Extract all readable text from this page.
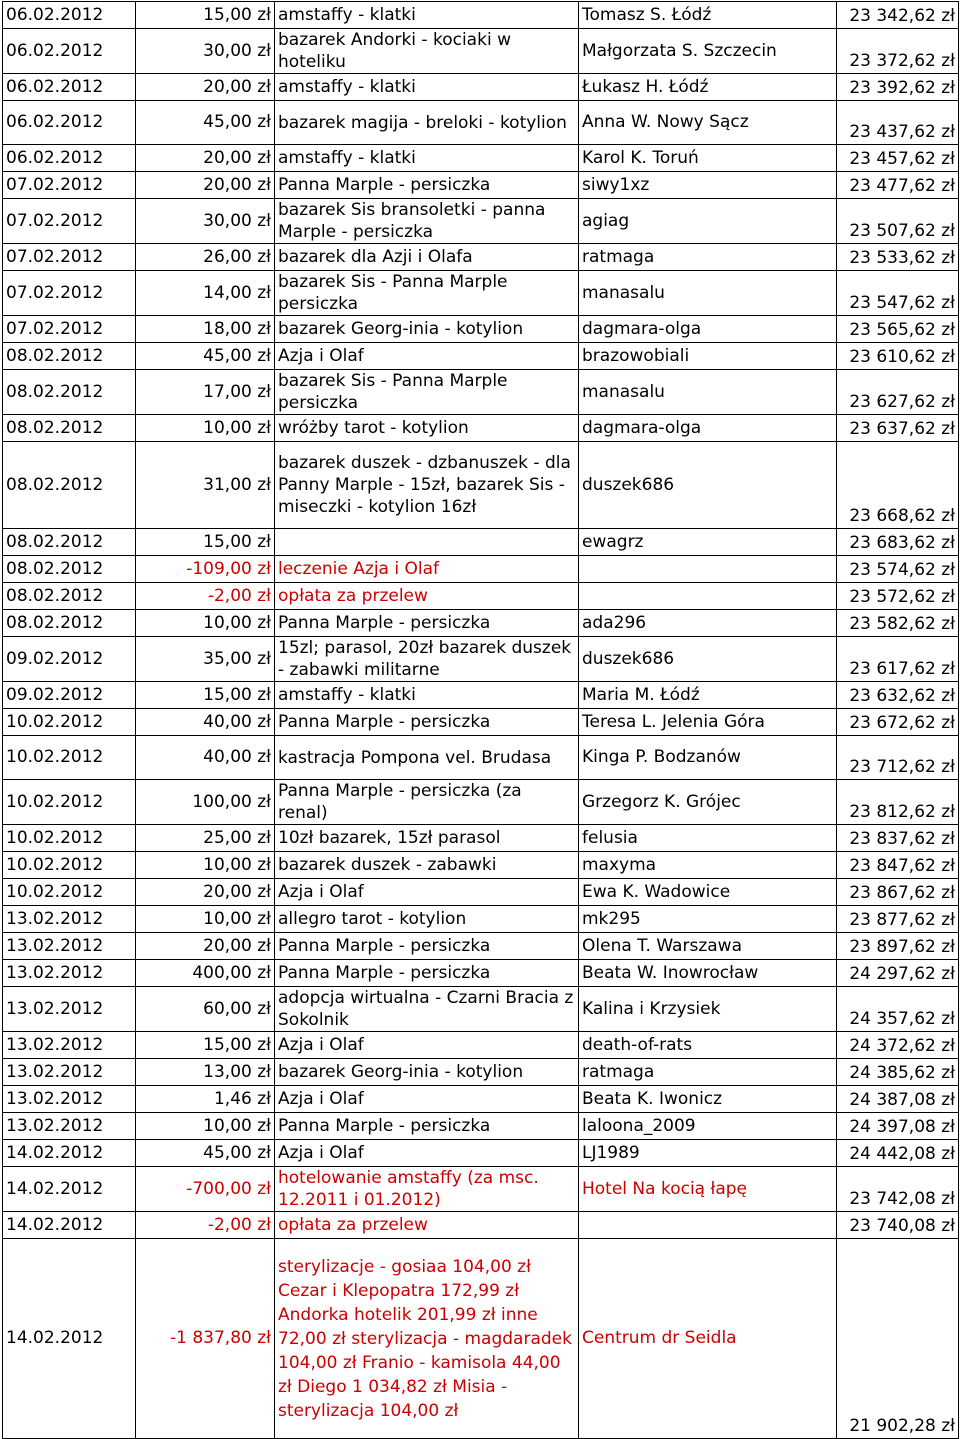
06.02.2012	15,00 zł	amstaffy - klatki	Tomasz S. Łódź	23 342,62 zł
06.02.2012	30,00 zł	bazarek Andorki - kociaki w hoteliku	Małgorzata S. Szczecin	23 372,62 zł
06.02.2012	20,00 zł	amstaffy - klatki	Łukasz H. Łódź	23 392,62 zł
06.02.2012	45,00 zł	bazarek magija - breloki - kotylion	Anna W. Nowy Sącz	23 437,62 zł
06.02.2012	20,00 zł	amstaffy - klatki	Karol K. Toruń	23 457,62 zł
07.02.2012	20,00 zł	Panna Marple - persiczka	siwy1xz	23 477,62 zł
07.02.2012	30,00 zł	bazarek Sis bransoletki - panna Marple - persiczka	agiag	23 507,62 zł
07.02.2012	26,00 zł	bazarek dla Azji i Olafa	ratmaga	23 533,62 zł
07.02.2012	14,00 zł	bazarek Sis - Panna Marple persiczka	manasalu	23 547,62 zł
07.02.2012	18,00 zł	bazarek Georg-inia - kotylion	dagmara-olga	23 565,62 zł
08.02.2012	45,00 zł	Azja i Olaf	brazowobiali	23 610,62 zł
08.02.2012	17,00 zł	bazarek Sis - Panna Marple persiczka	manasalu	23 627,62 zł
08.02.2012	10,00 zł	wróżby tarot - kotylion	dagmara-olga	23 637,62 zł
08.02.2012	31,00 zł	bazarek duszek - dzbanuszek - dla Panny Marple - 15zł, bazarek Sis - miseczki - kotylion 16zł	duszek686	23 668,62 zł
08.02.2012	15,00 zł		ewagrz	23 683,62 zł
08.02.2012	-109,00 zł	leczenie Azja i Olaf		23 574,62 zł
08.02.2012	-2,00 zł	opłata za przelew		23 572,62 zł
08.02.2012	10,00 zł	Panna Marple - persiczka	ada296	23 582,62 zł
09.02.2012	35,00 zł	15zl; parasol, 20zł bazarek duszek - zabawki militarne	duszek686	23 617,62 zł
09.02.2012	15,00 zł	amstaffy - klatki	Maria M. Łódź	23 632,62 zł
10.02.2012	40,00 zł	Panna Marple - persiczka	Teresa L. Jelenia Góra	23 672,62 zł
10.02.2012	40,00 zł	kastracja Pompona vel. Brudasa	Kinga P. Bodzanów	23 712,62 zł
10.02.2012	100,00 zł	Panna Marple - persiczka (za renal)	Grzegorz K. Grójec	23 812,62 zł
10.02.2012	25,00 zł	10zł bazarek, 15zł parasol	felusia	23 837,62 zł
10.02.2012	10,00 zł	bazarek duszek - zabawki	maxyma	23 847,62 zł
10.02.2012	20,00 zł	Azja i Olaf	Ewa K. Wadowice	23 867,62 zł
13.02.2012	10,00 zł	allegro tarot - kotylion	mk295	23 877,62 zł
13.02.2012	20,00 zł	Panna Marple - persiczka	Olena T. Warszawa	23 897,62 zł
13.02.2012	400,00 zł	Panna Marple - persiczka	Beata W. Inowrocław	24 297,62 zł
13.02.2012	60,00 zł	adopcja wirtualna - Czarni Bracia z Sokolnik	Kalina i Krzysiek	24 357,62 zł
13.02.2012	15,00 zł	Azja i Olaf	death-of-rats	24 372,62 zł
13.02.2012	13,00 zł	bazarek Georg-inia - kotylion	ratmaga	24 385,62 zł
13.02.2012	1,46 zł	Azja i Olaf	Beata K. Iwonicz	24 387,08 zł
13.02.2012	10,00 zł	Panna Marple - persiczka	laloona_2009	24 397,08 zł
14.02.2012	45,00 zł	Azja i Olaf	LJ1989	24 442,08 zł
14.02.2012	-700,00 zł	hotelowanie amstaffy (za msc. 12.2011 i 01.2012)	Hotel Na kocią łapę	23 742,08 zł
14.02.2012	-2,00 zł	opłata za przelew		23 740,08 zł
14.02.2012	-1 837,80 zł	sterylizacje - gosiaa 104,00 zł Cezar i Klepopatra 172,99 zł Andorka hotelik 201,99 zł inne 72,00 zł sterylizacja - magdaradek 104,00 zł Franio - kamisola 44,00 zł Diego 1 034,82 zł Misia - sterylizacja 104,00 zł	Centrum dr Seidla	21 902,28 zł
